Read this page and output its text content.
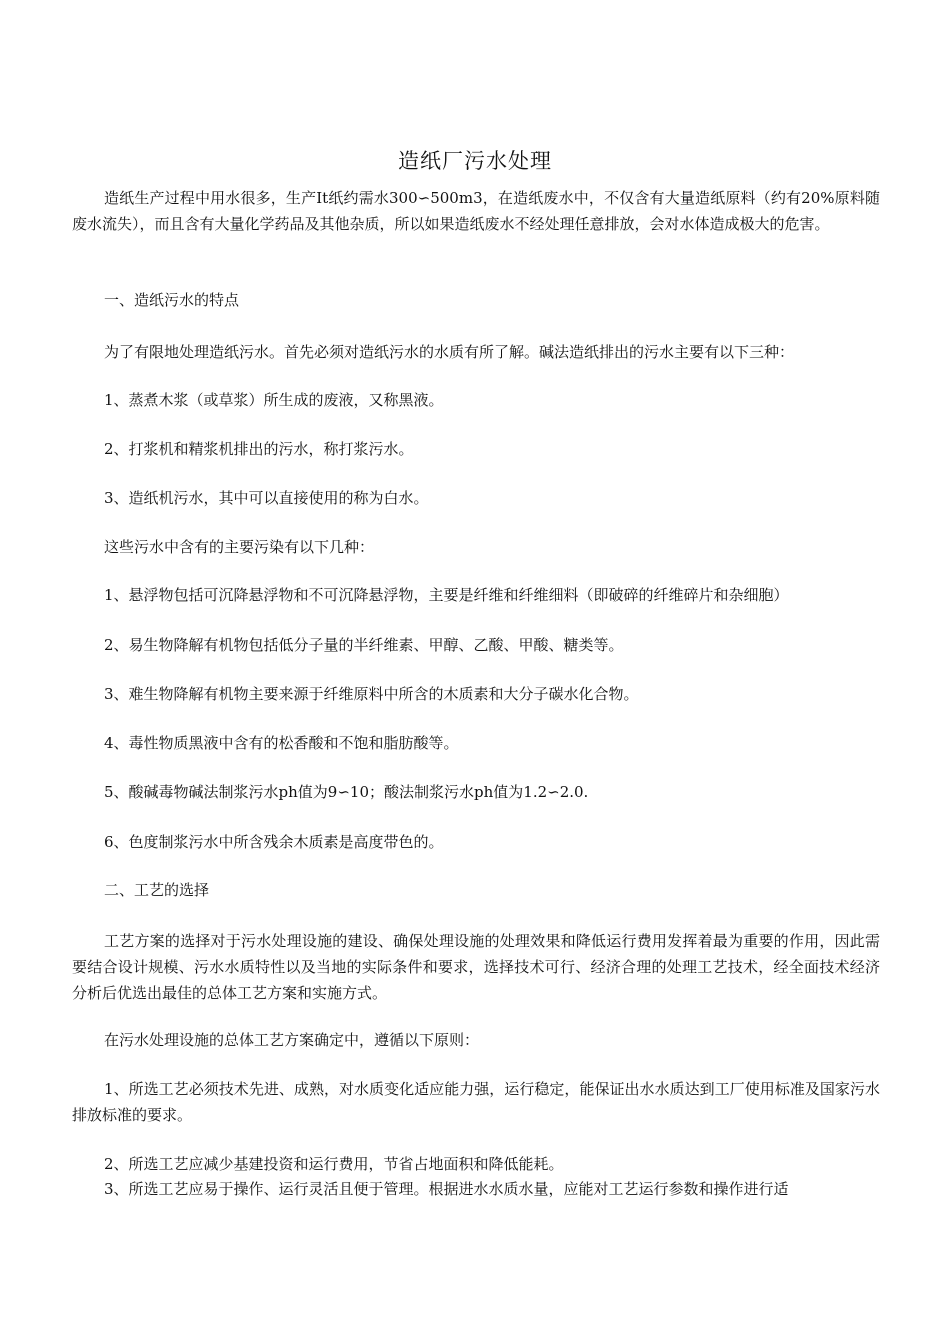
造纸厂污水处理
造纸生产过程中用水很多，生产It纸约需水300∽500m3，在造纸废水中，不仅含有大量造纸原料（约有20%原料随废水流失），而且含有大量化学药品及其他杂质，所以如果造纸废水不经处理任意排放，会对水体造成极大的危害。
一、造纸污水的特点
为了有限地处理造纸污水。首先必须对造纸污水的水质有所了解。碱法造纸排出的污水主要有以下三种：
1、蒸煮木浆（或草浆）所生成的废液，又称黑液。
2、打浆机和精浆机排出的污水，称打浆污水。
3、造纸机污水，其中可以直接使用的称为白水。
这些污水中含有的主要污染有以下几种：
1、悬浮物包括可沉降悬浮物和不可沉降悬浮物，主要是纤维和纤维细料（即破碎的纤维碎片和杂细胞）
2、易生物降解有机物包括低分子量的半纤维素、甲醇、乙酸、甲酸、糖类等。
3、难生物降解有机物主要来源于纤维原料中所含的木质素和大分子碳水化合物。
4、毒性物质黑液中含有的松香酸和不饱和脂肪酸等。
5、酸碱毒物碱法制浆污水ph值为9∽10；酸法制浆污水ph值为1.2∽2.0.
6、色度制浆污水中所含残余木质素是高度带色的。
二、工艺的选择
工艺方案的选择对于污水处理设施的建设、确保处理设施的处理效果和降低运行费用发挥着最为重要的作用，因此需要结合设计规模、污水水质特性以及当地的实际条件和要求，选择技术可行、经济合理的处理工艺技术，经全面技术经济分析后优选出最佳的总体工艺方案和实施方式。
在污水处理设施的总体工艺方案确定中，遵循以下原则：
1、所选工艺必须技术先进、成熟，对水质变化适应能力强，运行稳定，能保证出水水质达到工厂使用标准及国家污水排放标准的要求。
2、所选工艺应减少基建投资和运行费用，节省占地面积和降低能耗。
3、所选工艺应易于操作、运行灵活且便于管理。根据进水水质水量，应能对工艺运行参数和操作进行适
